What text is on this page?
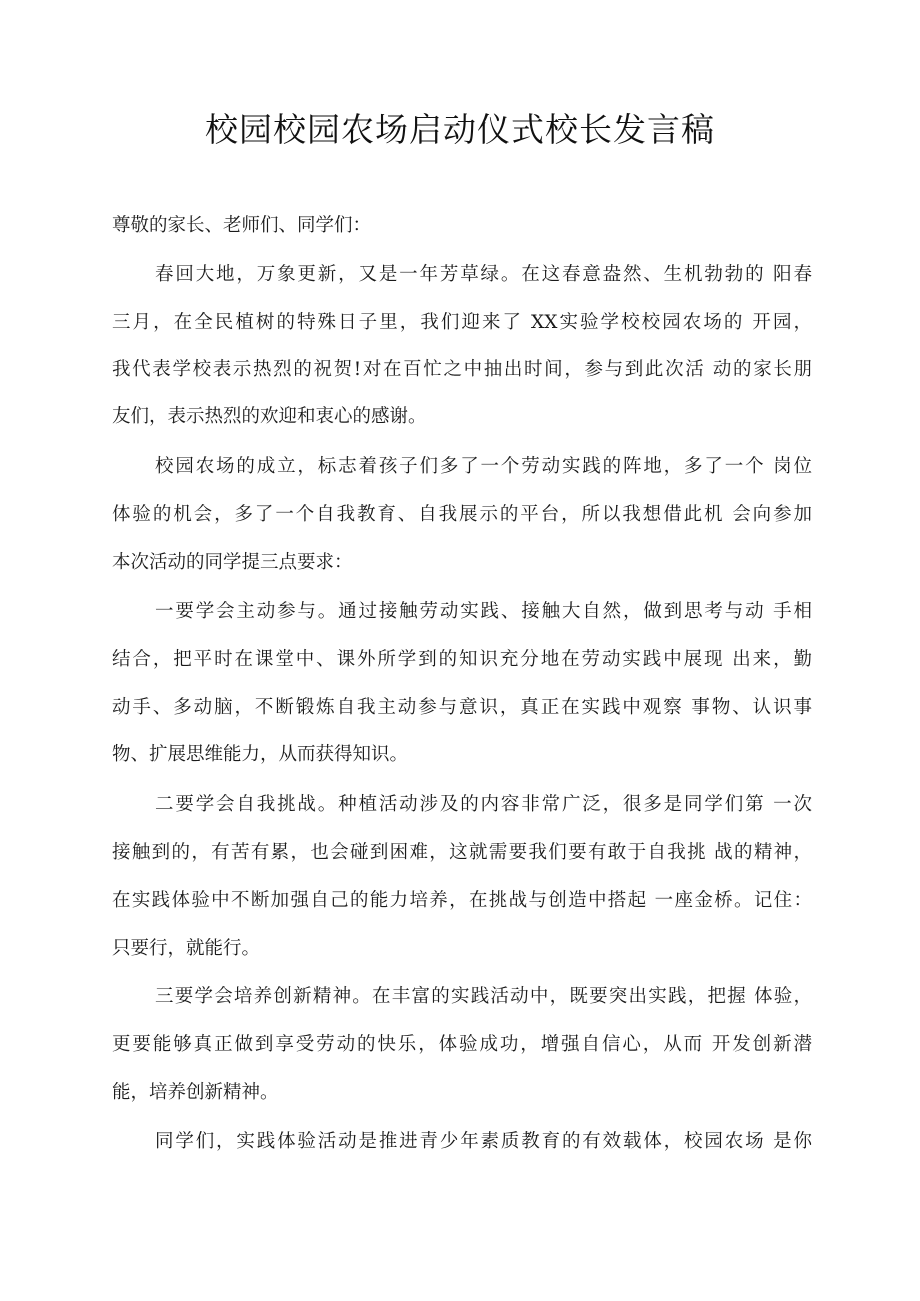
校园校园农场启动仪式校长发言稿
尊敬的家长、老师们、同学们：
春回大地，万象更新，又是一年芳草绿。在这春意盎然、生机勃勃的 阳春
三月，在全民植树的特殊日子里，我们迎来了 XX实验学校校园农场的 开园，
我代表学校表示热烈的祝贺!对在百忙之中抽出时间，参与到此次活 动的家长朋
友们，表示热烈的欢迎和衷心的感谢。
校园农场的成立，标志着孩子们多了一个劳动实践的阵地，多了一个 岗位
体验的机会，多了一个自我教育、自我展示的平台，所以我想借此机 会向参加
本次活动的同学提三点要求：
一要学会主动参与。通过接触劳动实践、接触大自然，做到思考与动 手相
结合，把平时在课堂中、课外所学到的知识充分地在劳动实践中展现 出来，勤
动手、多动脑，不断锻炼自我主动参与意识，真正在实践中观察 事物、认识事
物、扩展思维能力，从而获得知识。
二要学会自我挑战。种植活动涉及的内容非常广泛，很多是同学们第 一次
接触到的，有苦有累，也会碰到困难，这就需要我们要有敢于自我挑 战的精神，
在实践体验中不断加强自己的能力培养，在挑战与创造中搭起 一座金桥。记住：
只要行，就能行。
三要学会培养创新精神。在丰富的实践活动中，既要突出实践，把握 体验，
更要能够真正做到享受劳动的快乐，体验成功，增强自信心，从而 开发创新潜
能，培养创新精神。
同学们，实践体验活动是推进青少年素质教育的有效载体，校园农场 是你
